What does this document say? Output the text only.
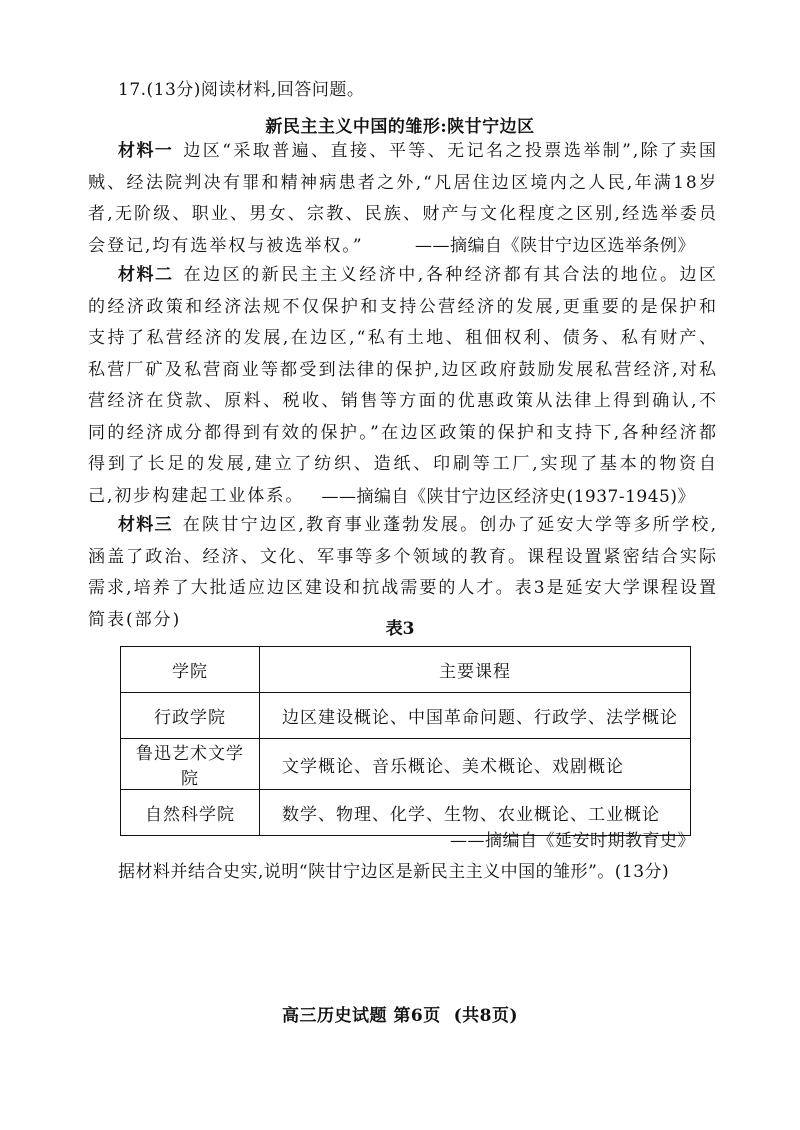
17.(13分)阅读材料,回答问题。
新民主主义中国的雏形:陕甘宁边区
材料一 边区“采取普遍、直接、平等、无记名之投票选举制”,除了卖国贼、经法院判决有罪和精神病患者之外,“凡居住边区境内之人民,年满18岁者,无阶级、职业、男女、宗教、民族、财产与文化程度之区别,经选举委员会登记,均有选举权与被选举权。”	——摘编自《陕甘宁边区选举条例》
材料二 在边区的新民主主义经济中,各种经济都有其合法的地位。边区的经济政策和经济法规不仅保护和支持公营经济的发展,更重要的是保护和支持了私营经济的发展,在边区,“私有土地、租佃权利、债务、私有财产、私营厂矿及私营商业等都受到法律的保护,边区政府鼓励发展私营经济,对私营经济在贷款、原料、税收、销售等方面的优惠政策从法律上得到确认,不同的经济成分都得到有效的保护。”在边区政策的保护和支持下,各种经济都得到了长足的发展,建立了纺织、造纸、印刷等工厂,实现了基本的物资自己,初步构建起工业体系。	——摘编自《陕甘宁边区经济史(1937-1945)》
材料三 在陕甘宁边区,教育事业蓬勃发展。创办了延安大学等多所学校,涵盖了政治、经济、文化、军事等多个领域的教育。课程设置紧密结合实际需求,培养了大批适应边区建设和抗战需要的人才。表3是延安大学课程设置简表(部分)	表3
学院	主要课程
行政学院	边区建设概论、中国革命问题、行政学、法学概论
鲁迅艺术文学院	文学概论、音乐概论、美术概论、戏剧概论
自然科学院	数学、物理、化学、生物、农业概论、工业概论
——摘编自《延安时期教育史》
据材料并结合史实,说明“陕甘宁边区是新民主主义中国的雏形”。(13分)
高三历史试题 第6页  (共8页)
